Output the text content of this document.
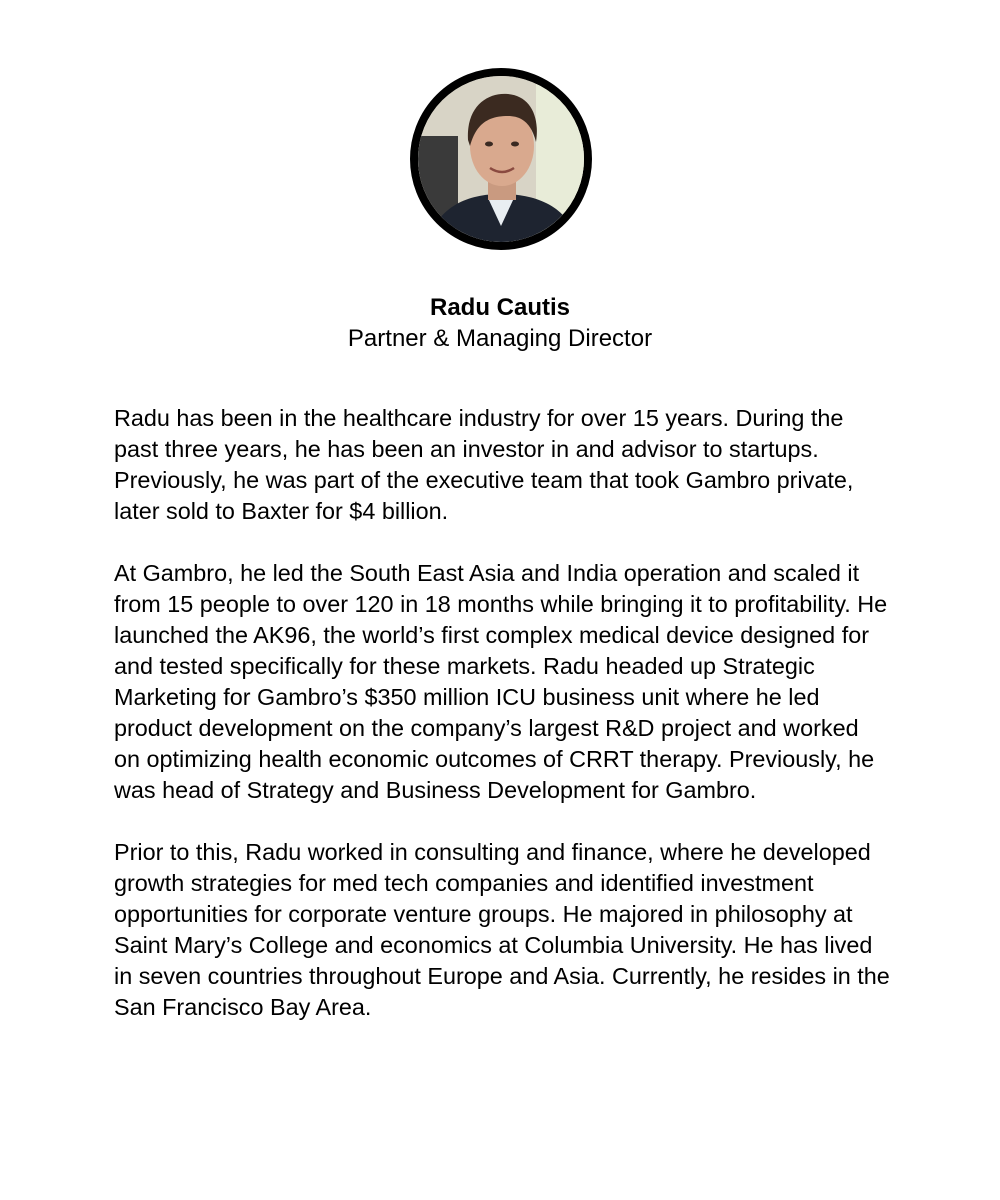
Radu Cautis
Partner & Managing Director

Radu has been in the healthcare industry for over 15 years. During the past three years, he has been an investor in and advisor to startups. Previously, he was part of the executive team that took Gambro private, later sold to Baxter for $4 billion.

At Gambro, he led the South East Asia and India operation and scaled it from 15 people to over 120 in 18 months while bringing it to profitability. He launched the AK96, the world’s first complex medical device designed for and tested specifically for these markets. Radu headed up Strategic Marketing for Gambro’s $350 million ICU business unit where he led product development on the company’s largest R&D project and worked on optimizing health economic outcomes of CRRT therapy. Previously, he was head of Strategy and Business Development for Gambro.

Prior to this, Radu worked in consulting and finance, where he developed growth strategies for med tech companies and identified investment opportunities for corporate venture groups. He majored in philosophy at Saint Mary’s College and economics at Columbia University. He has lived in seven countries throughout Europe and Asia. Currently, he resides in the San Francisco Bay Area.
